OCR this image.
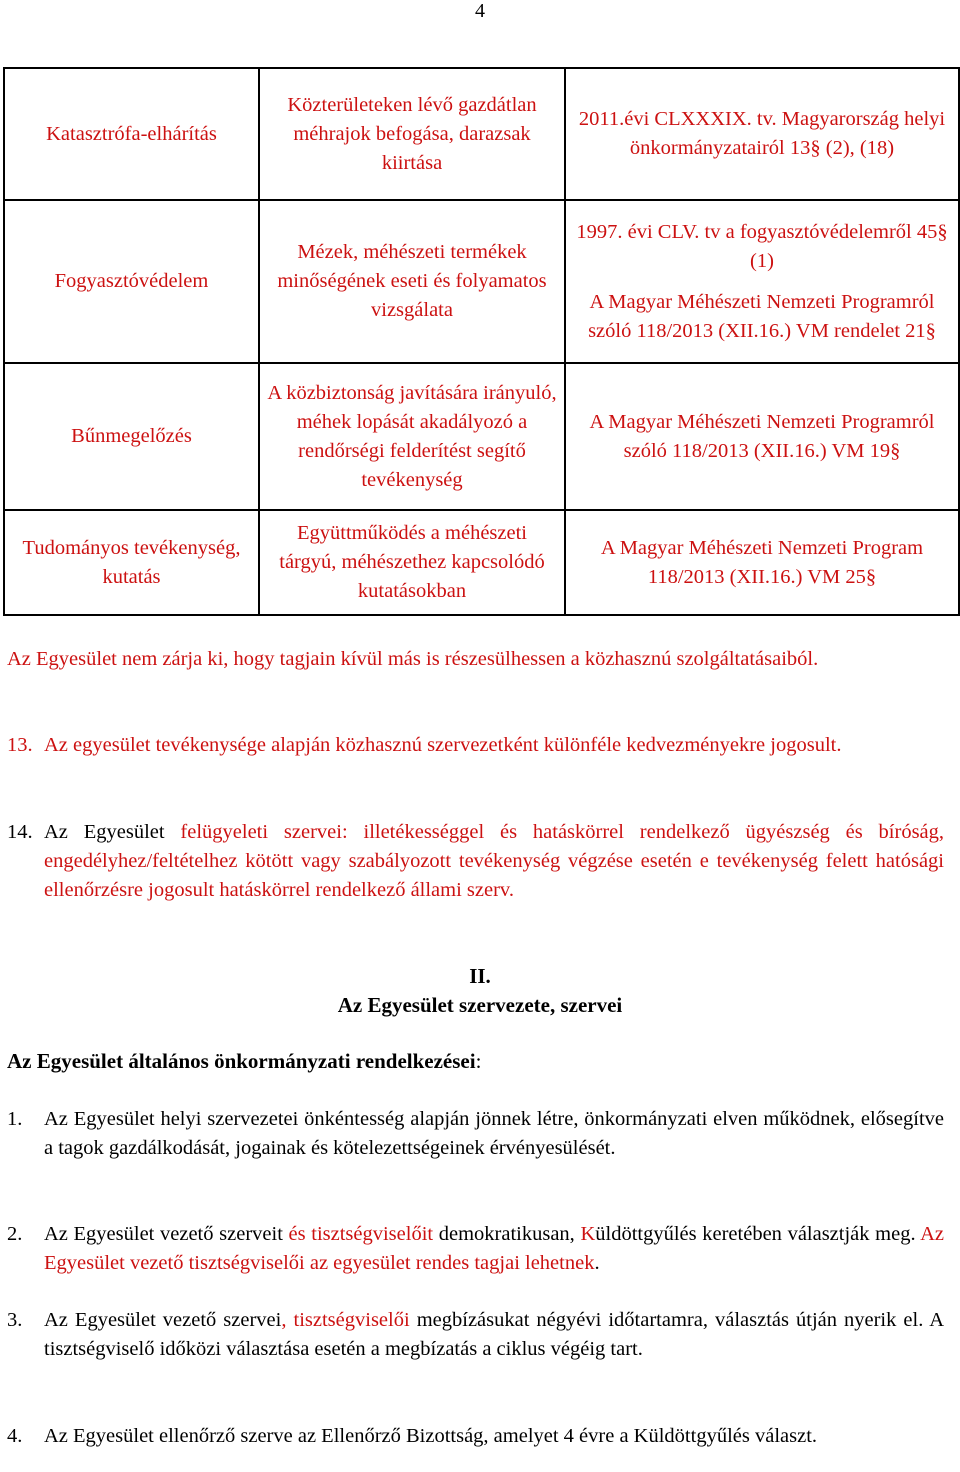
4
Katasztrófa-elhárítás	Közterületeken lévő gazdátlan méhrajok befogása, darazsak kiirtása	2011.évi CLXXXIX. tv. Magyarország helyi önkormányzatairól 13§ (2), (18)

Fogyasztóvédelem	Mézek, méhészeti termékek minőségének eseti és folyamatos vizsgálata	1997. évi CLV. tv a fogyasztóvédelemről 45§ (1)
A Magyar Méhészeti Nemzeti Programról szóló 118/2013 (XII.16.) VM rendelet 21§

Bűnmegelőzés	A közbiztonság javítására irányuló, méhek lopását akadályozó a rendőrségi felderítést segítő tevékenység	A Magyar Méhészeti Nemzeti Programról szóló 118/2013 (XII.16.) VM 19§

Tudományos tevékenység, kutatás	Együttműködés a méhészeti tárgyú, méhészethez kapcsolódó kutatásokban	A Magyar Méhészeti Nemzeti Program 118/2013 (XII.16.) VM 25§
Az Egyesület nem zárja ki, hogy tagjain kívül más is részesülhessen a közhasznú szolgáltatásaiból.
13. Az egyesület tevékenysége alapján közhasznú szervezetként különféle kedvezményekre jogosult.
14. Az Egyesület felügyeleti szervei: illetékességgel és hatáskörrel rendelkező ügyészség és bíróság, engedélyhez/feltételhez kötött vagy szabályozott tevékenység végzése esetén e tevékenység felett hatósági ellenőrzésre jogosult hatáskörrel rendelkező állami szerv.
II.
Az Egyesület szervezete, szervei
Az Egyesület általános önkormányzati rendelkezései:
1.	Az Egyesület helyi szervezetei önkéntesség alapján jönnek létre, önkormányzati elven működnek, elősegítve a tagok gazdálkodását, jogainak és kötelezettségeinek érvényesülését.
2.	Az Egyesület vezető szerveit és tisztségviselőit demokratikusan, Küldöttgyűlés keretében választják meg. Az Egyesület vezető tisztségviselői az egyesület rendes tagjai lehetnek.
3.	Az Egyesület vezető szervei, tisztségviselői megbízásukat négyévi időtartamra, választás útján nyerik el. A tisztségviselő időközi választása esetén a megbízatás a ciklus végéig tart.
4.	Az Egyesület ellenőrző szerve az Ellenőrző Bizottság, amelyet 4 évre a Küldöttgyűlés választ.
